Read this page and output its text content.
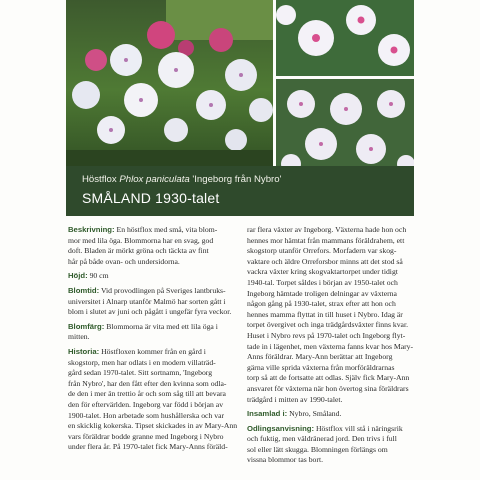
Höstflox Phlox paniculata 'Ingeborg från Nybro'
SMÅLAND 1930-talet

Beskrivning: En höstflox med små, vita blom-
mor med lila öga. Blommorna har en svag, god
doft. Bladen är mörkt gröna och täckta av fint
hår på både ovan- och undersidorna.

Höjd: 90 cm

Blomtid: Vid provodlingen på Sveriges lantbruks-
universitet i Alnarp utanför Malmö har sorten gått i
blom i slutet av juni och pågått i ungefär fyra veckor.

Blomfärg: Blommorna är vita med ett lila öga i
mitten.

Historia: Höstfloxen kommer från en gård i
skogstorp, men har odlats i en modern villaträd-
gård sedan 1970-talet. Sitt sortnamn, 'Ingeborg
från Nybro', har den fått efter den kvinna som odla-
de den i mer än trettio år och som såg till att bevara
den för eftervärlden. Ingeborg var född i början av
1900-talet. Hon arbetade som hushållerska och var
en skicklig kokerska. Tipset skickades in av Mary-Ann
vars föräldrar bodde granne med Ingeborg i Nybro
under flera år. På 1970-talet fick Mary-Anns föräld-

rar flera växter av Ingeborg. Växterna hade hon och
hennes mor hämtat från mammans föräldrahem, ett
skogstorp utanför Orrefors. Morfadern var skog-
vaktare och äldre Orreforsbor minns att det stod så
vackra växter kring skogvaktartorpet under tidigt
1940-tal. Torpet såldes i början av 1950-talet och
Ingeborg hämtade troligen delningar av växterna
någon gång på 1930-talet, strax efter att hon och
hennes mamma flyttat in till huset i Nybro. Idag är
torpet övergivet och inga trädgårdsväxter finns kvar.
Huset i Nybro revs på 1970-talet och Ingeborg flyt-
tade in i lägenhet, men växterna fanns kvar hos Mary-
Anns föräldrar. Mary-Ann berättar att Ingeborg
gärna ville sprida växterna från morföräldrarnas
torp så att de fortsatte att odlas. Själv fick Mary-Ann
ansvaret för växterna när hon övertog sina föräldrars
trädgård i mitten av 1990-talet.

Insamlad i: Nybro, Småland.

Odlingsanvisning: Höstflox vill stå i näringsrik
och fuktig, men väldränerad jord. Den trivs i full
sol eller lätt skugga. Blomningen förlängs om
vissna blommor tas bort.
